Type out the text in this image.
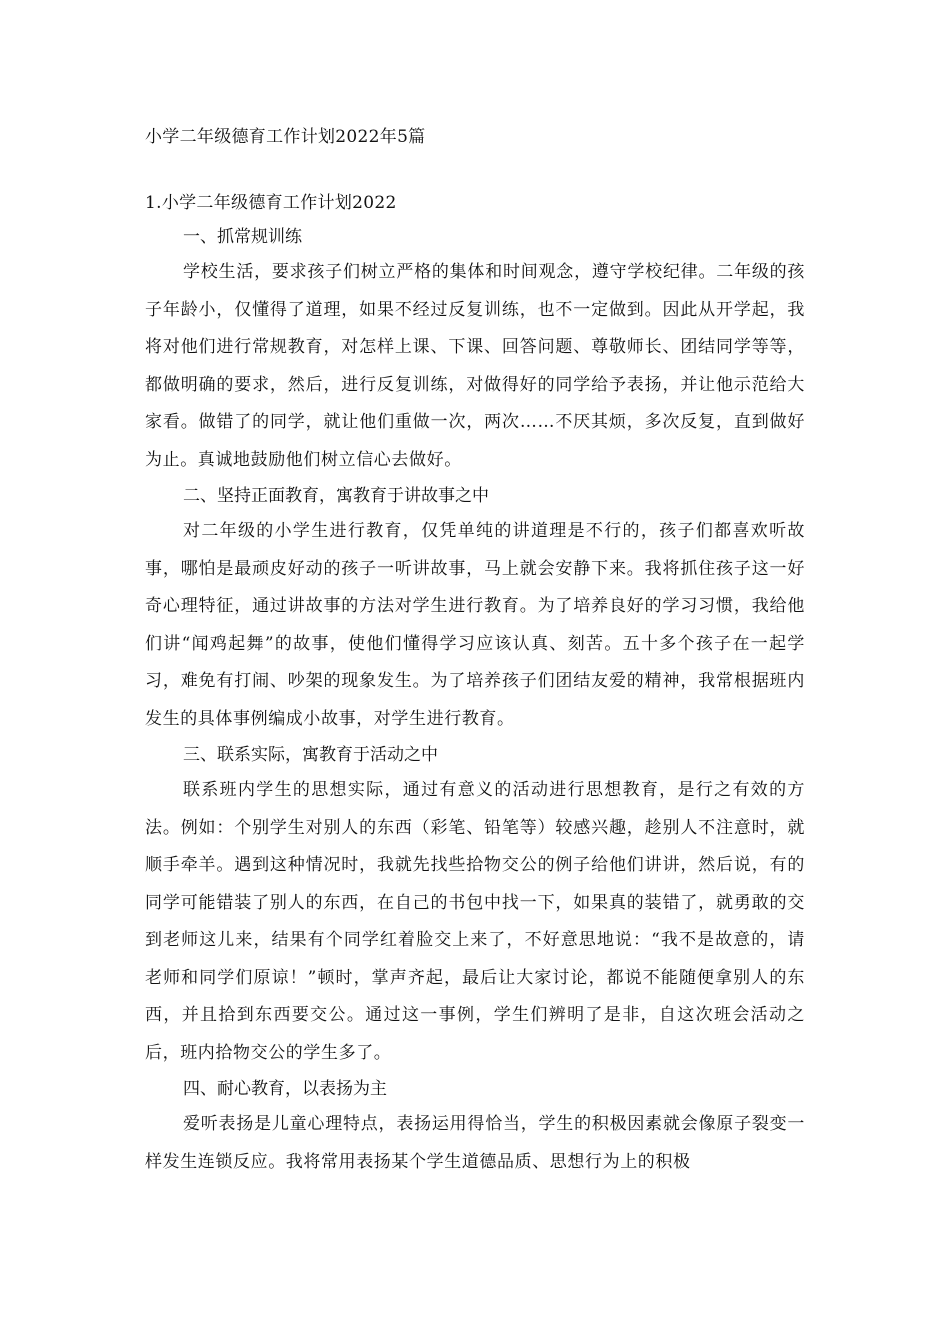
小学二年级德育工作计划2022年5篇
1.小学二年级德育工作计划2022

一、抓常规训练

学校生活，要求孩子们树立严格的集体和时间观念，遵守学校纪律。二年级的孩子年龄小，仅懂得了道理，如果不经过反复训练，也不一定做到。因此从开学起，我将对他们进行常规教育，对怎样上课、下课、回答问题、尊敬师长、团结同学等等，都做明确的要求，然后，进行反复训练，对做得好的同学给予表扬，并让他示范给大家看。做错了的同学，就让他们重做一次，两次……不厌其烦，多次反复，直到做好为止。真诚地鼓励他们树立信心去做好。

二、坚持正面教育，寓教育于讲故事之中

对二年级的小学生进行教育，仅凭单纯的讲道理是不行的，孩子们都喜欢听故事，哪怕是最顽皮好动的孩子一听讲故事，马上就会安静下来。我将抓住孩子这一好奇心理特征，通过讲故事的方法对学生进行教育。为了培养良好的学习习惯，我给他们讲“闻鸡起舞”的故事，使他们懂得学习应该认真、刻苦。五十多个孩子在一起学习，难免有打闹、吵架的现象发生。为了培养孩子们团结友爱的精神，我常根据班内发生的具体事例编成小故事，对学生进行教育。

三、联系实际，寓教育于活动之中

联系班内学生的思想实际，通过有意义的活动进行思想教育，是行之有效的方法。例如：个别学生对别人的东西（彩笔、铅笔等）较感兴趣，趁别人不注意时，就顺手牵羊。遇到这种情况时，我就先找些拾物交公的例子给他们讲讲，然后说，有的同学可能错装了别人的东西，在自己的书包中找一下，如果真的装错了，就勇敢的交到老师这儿来，结果有个同学红着脸交上来了，不好意思地说：“我不是故意的，请老师和同学们原谅！”顿时，掌声齐起，最后让大家讨论，都说不能随便拿别人的东西，并且拾到东西要交公。通过这一事例，学生们辨明了是非，自这次班会活动之后，班内拾物交公的学生多了。

四、耐心教育，以表扬为主

爱听表扬是儿童心理特点，表扬运用得恰当，学生的积极因素就会像原子裂变一样发生连锁反应。我将常用表扬某个学生道德品质、思想行为上的积极
